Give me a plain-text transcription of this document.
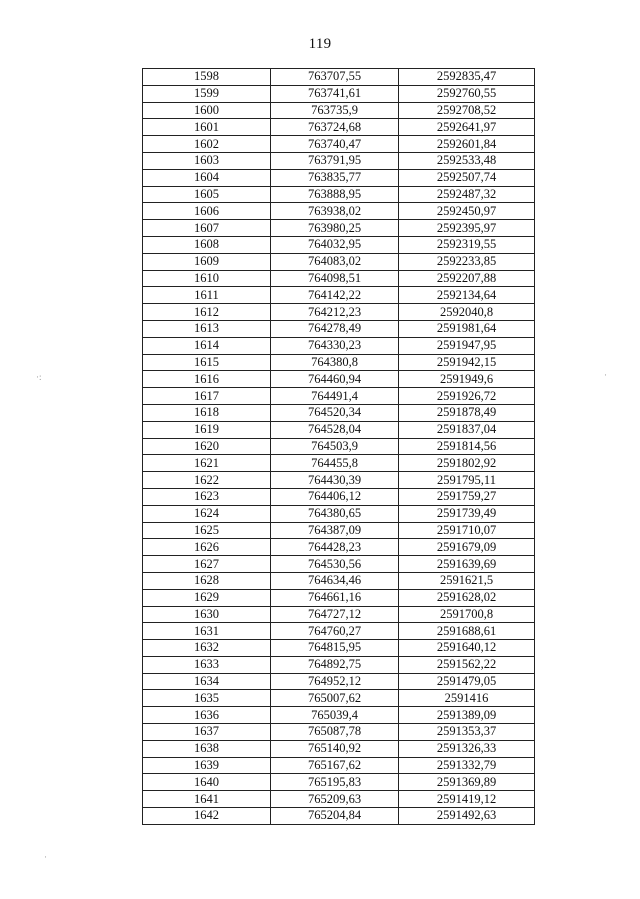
119
1598	763707,55	2592835,47
1599	763741,61	2592760,55
1600	763735,9	2592708,52
1601	763724,68	2592641,97
1602	763740,47	2592601,84
1603	763791,95	2592533,48
1604	763835,77	2592507,74
1605	763888,95	2592487,32
1606	763938,02	2592450,97
1607	763980,25	2592395,97
1608	764032,95	2592319,55
1609	764083,02	2592233,85
1610	764098,51	2592207,88
1611	764142,22	2592134,64
1612	764212,23	2592040,8
1613	764278,49	2591981,64
1614	764330,23	2591947,95
1615	764380,8	2591942,15
1616	764460,94	2591949,6
1617	764491,4	2591926,72
1618	764520,34	2591878,49
1619	764528,04	2591837,04
1620	764503,9	2591814,56
1621	764455,8	2591802,92
1622	764430,39	2591795,11
1623	764406,12	2591759,27
1624	764380,65	2591739,49
1625	764387,09	2591710,07
1626	764428,23	2591679,09
1627	764530,56	2591639,69
1628	764634,46	2591621,5
1629	764661,16	2591628,02
1630	764727,12	2591700,8
1631	764760,27	2591688,61
1632	764815,95	2591640,12
1633	764892,75	2591562,22
1634	764952,12	2591479,05
1635	765007,62	2591416
1636	765039,4	2591389,09
1637	765087,78	2591353,37
1638	765140,92	2591326,33
1639	765167,62	2591332,79
1640	765195,83	2591369,89
1641	765209,63	2591419,12
1642	765204,84	2591492,63
·:	·
·
